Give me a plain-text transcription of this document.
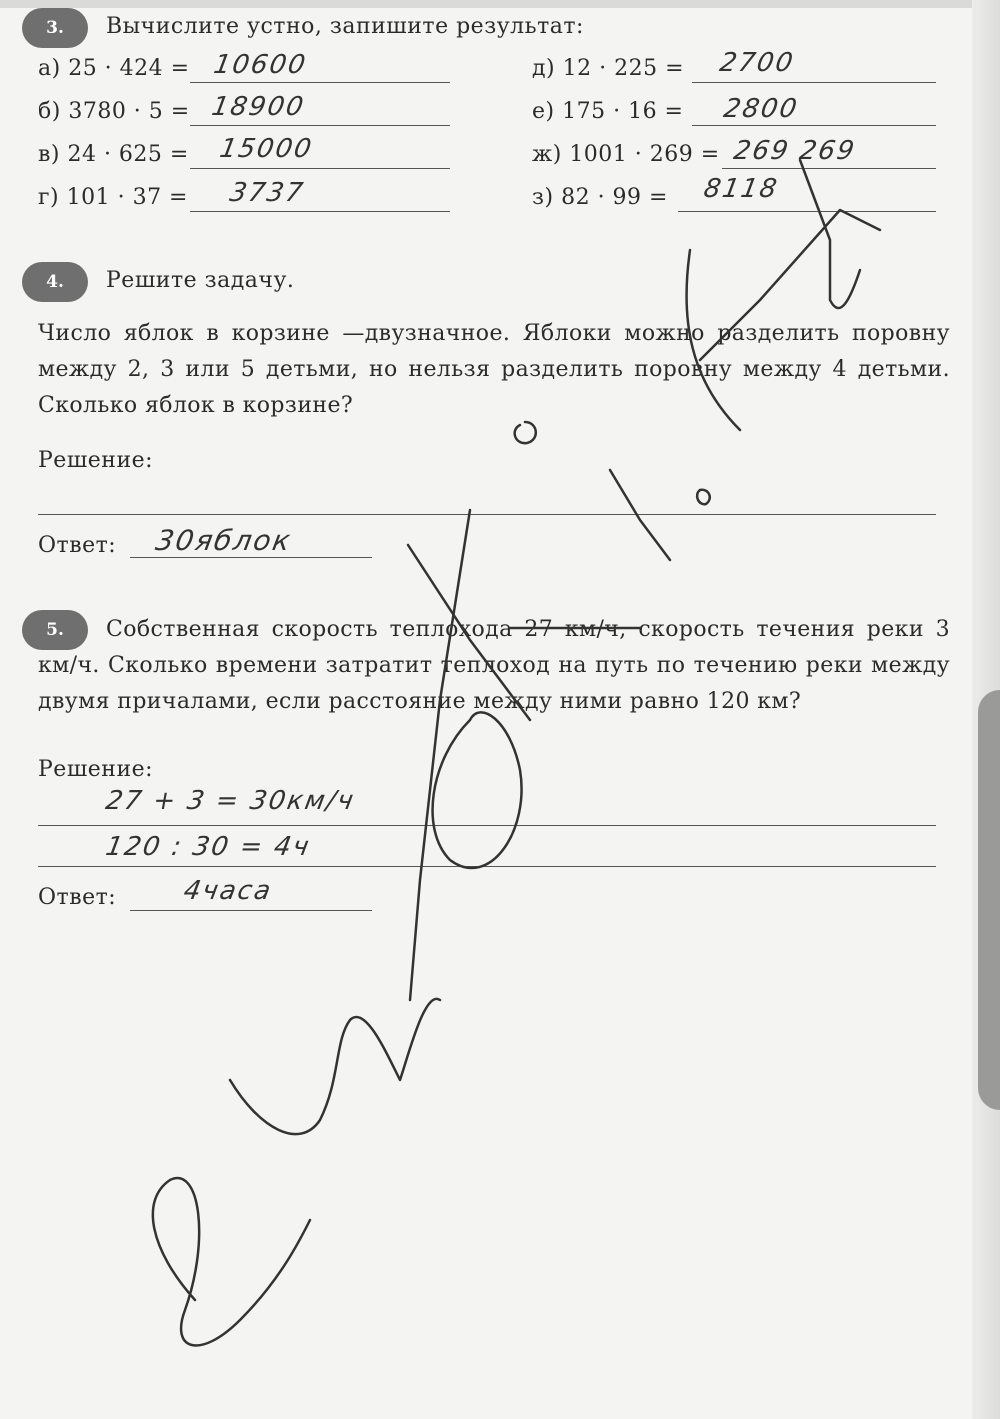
3.	Вычислите устно, запишите результат:
а) 25 · 424 = 10600
б) 3780 · 5 = 18900
в) 24 · 625 = 15000
г) 101 · 37 = 3737
д) 12 · 225 = 2700
е) 175 · 16 = 2800
ж) 1001 · 269 = 269 269
з) 82 · 99 = 8118
4.	Решите задачу.
Число яблок в корзине —двузначное. Яблоки можно разделить поровну между 2, 3 или 5 детьми, но нельзя разделить поровну между 4 детьми. Сколько яблок в корзине?
Решение:
Ответ: 30яблок
5.	Собственная скорость теплохода 27 км/ч, скорость течения реки 3 км/ч. Сколько времени затратит теплоход на путь по течению реки между двумя причалами, если расстояние между ними равно 120 км?
Решение:
27 + 3 = 30км/ч
120 : 30 = 4ч
Ответ:	4часа
